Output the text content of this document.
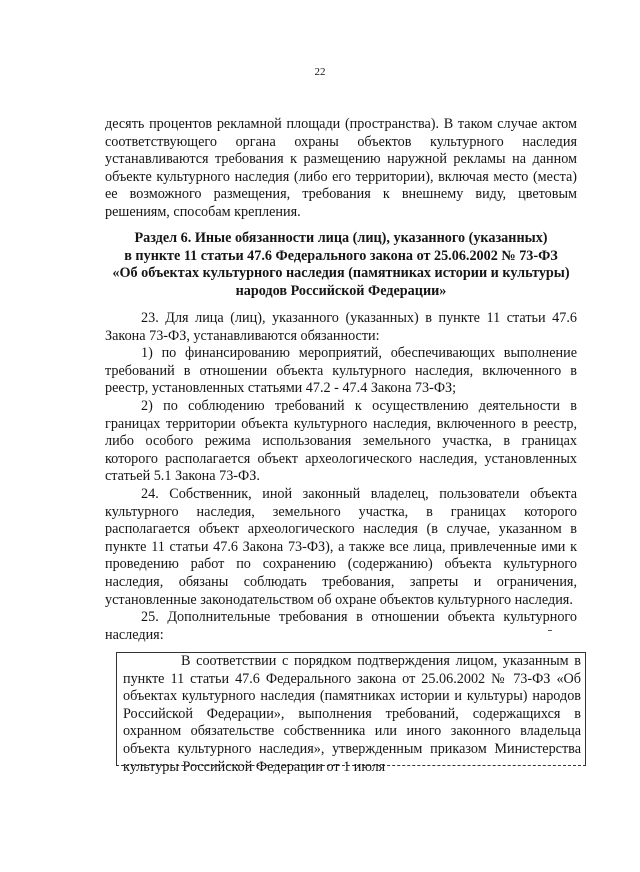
22
десять процентов рекламной площади (пространства). В таком случае актом соответствующего органа охраны объектов культурного наследия устанавливаются требования к размещению наружной рекламы на данном объекте культурного наследия (либо его территории), включая место (места) ее возможного размещения, требования к внешнему виду, цветовым решениям, способам крепления.
Раздел 6. Иные обязанности лица (лиц), указанного (указанных)
в пункте 11 статьи 47.6 Федерального закона от 25.06.2002 № 73-ФЗ
«Об объектах культурного наследия (памятниках истории и культуры)
народов Российской Федерации»

23. Для лица (лиц), указанного (указанных) в пункте 11 статьи 47.6 Закона 73-ФЗ, устанавливаются обязанности:

1) по финансированию мероприятий, обеспечивающих выполнение требований в отношении объекта культурного наследия, включенного в реестр, установленных статьями 47.2 - 47.4 Закона 73-ФЗ;

2) по соблюдению требований к осуществлению деятельности в границах территории объекта культурного наследия, включенного в реестр, либо особого режима использования земельного участка, в границах которого располагается объект археологического наследия, установленных статьей 5.1 Закона 73-ФЗ.

24. Собственник, иной законный владелец, пользователи объекта культурного наследия, земельного участка, в границах которого располагается объект археологического наследия (в случае, указанном в пункте 11 статьи 47.6 Закона 73-ФЗ), а также все лица, привлеченные ими к проведению работ по сохранению (содержанию) объекта культурного наследия, обязаны соблюдать требования, запреты и ограничения, установленные законодательством об охране объектов культурного наследия.

25. Дополнительные требования в отношении объекта культурного наследия:

В соответствии с порядком подтверждения лицом, указанным в пункте 11 статьи 47.6 Федерального закона от 25.06.2002 № 73-ФЗ «Об объектах культурного наследия (памятниках истории и культуры) народов Российской Федерации», выполнения требований, содержащихся в охранном обязательстве собственника или иного законного владельца объекта культурного наследия», утвержденным приказом Министерства культуры Российской Федерации от 1 июля
